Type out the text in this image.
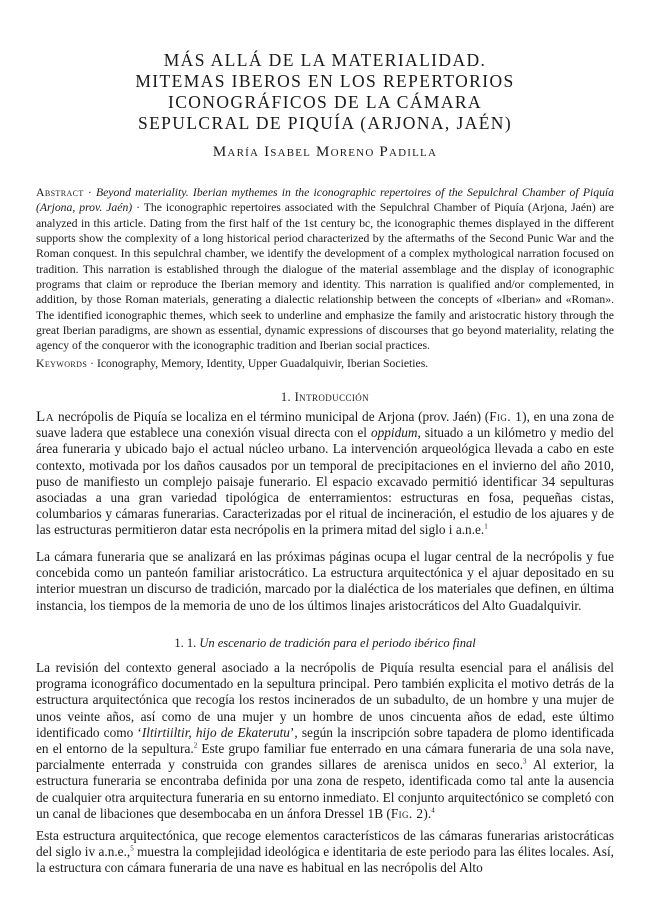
MÁS ALLÁ DE LA MATERIALIDAD.
MITEMAS IBEROS EN LOS REPERTORIOS
ICONOGRÁFICOS DE LA CÁMARA
SEPULCRAL DE PIQUÍA (ARJONA, JAÉN)
María Isabel Moreno Padilla
Abstract · Beyond materiality. Iberian mythemes in the iconographic repertoires of the Sepulchral Chamber of Piquía (Arjona, prov. Jaén) · The iconographic repertoires associated with the Sepulchral Chamber of Piquía (Arjona, Jaén) are analyzed in this article. Dating from the first half of the 1st century bc, the iconographic themes displayed in the different supports show the complexity of a long historical period characterized by the aftermaths of the Second Punic War and the Roman conquest. In this sepulchral chamber, we identify the development of a complex mythological narration focused on tradition. This narration is established through the dialogue of the material assemblage and the display of iconographic programs that claim or reproduce the Iberian memory and identity. This narration is qualified and/or complemented, in addition, by those Roman materials, generating a dialectic relationship between the concepts of «Iberian» and «Roman». The identified iconographic themes, which seek to underline and emphasize the family and aristocratic history through the great Iberian paradigms, are shown as essential, dynamic expressions of discourses that go beyond materiality, relating the agency of the conqueror with the iconographic tradition and Iberian social practices.
Keywords · Iconography, Memory, Identity, Upper Guadalquivir, Iberian Societies.
1. Introducción

La necrópolis de Piquía se localiza en el término municipal de Arjona (prov. Jaén) (Fig. 1), en una zona de suave ladera que establece una conexión visual directa con el oppidum, situado a un kilómetro y medio del área funeraria y ubicado bajo el actual núcleo urbano. La intervención arqueológica llevada a cabo en este contexto, motivada por los daños causados por un temporal de precipitaciones en el invierno del año 2010, puso de manifiesto un complejo paisaje funerario. El espacio excavado permitió identificar 34 sepulturas asociadas a una gran variedad tipológica de enterramientos: estructuras en fosa, pequeñas cistas, columbarios y cámaras funerarias. Caracterizadas por el ritual de incineración, el estudio de los ajuares y de las estructuras permitieron datar esta necrópolis en la primera mitad del siglo i a.n.e.$^1$

La cámara funeraria que se analizará en las próximas páginas ocupa el lugar central de la necrópolis y fue concebida como un panteón familiar aristocrático. La estructura arquitectónica y el ajuar depositado en su interior muestran un discurso de tradición, marcado por la dialéctica de los materiales que definen, en última instancia, los tiempos de la memoria de uno de los últimos linajes aristocráticos del Alto Guadalquivir.

1. 1. Un escenario de tradición para el periodo ibérico final

La revisión del contexto general asociado a la necrópolis de Piquía resulta esencial para el análisis del programa iconográfico documentado en la sepultura principal. Pero también explicita el motivo detrás de la estructura arquitectónica que recogía los restos incinerados de un subadulto, de un hombre y una mujer de unos veinte años, así como de una mujer y un hombre de unos cincuenta años de edad, este último identificado como ‘Iltirtiiltir, hijo de Ekaterutu’, según la inscripción sobre tapadera de plomo identificada en el entorno de la sepultura.$^2$ Este grupo familiar fue enterrado en una cámara funeraria de una sola nave, parcialmente enterrada y construida con grandes sillares de arenisca unidos en seco.$^3$ Al exterior, la estructura funeraria se encontraba definida por una zona de respeto, identificada como tal ante la ausencia de cualquier otra arquitectura funeraria en su entorno inmediato. El conjunto arquitectónico se completó con un canal de libaciones que desembocaba en un ánfora Dressel 1B (Fig. 2).$^4$

Esta estructura arquitectónica, que recoge elementos característicos de las cámaras funerarias aristocráticas del siglo iv a.n.e.,$^5$ muestra la complejidad ideológica e identitaria de este periodo para las élites locales. Así, la estructura con cámara funeraria de una nave es habitual en las necrópolis del Alto
